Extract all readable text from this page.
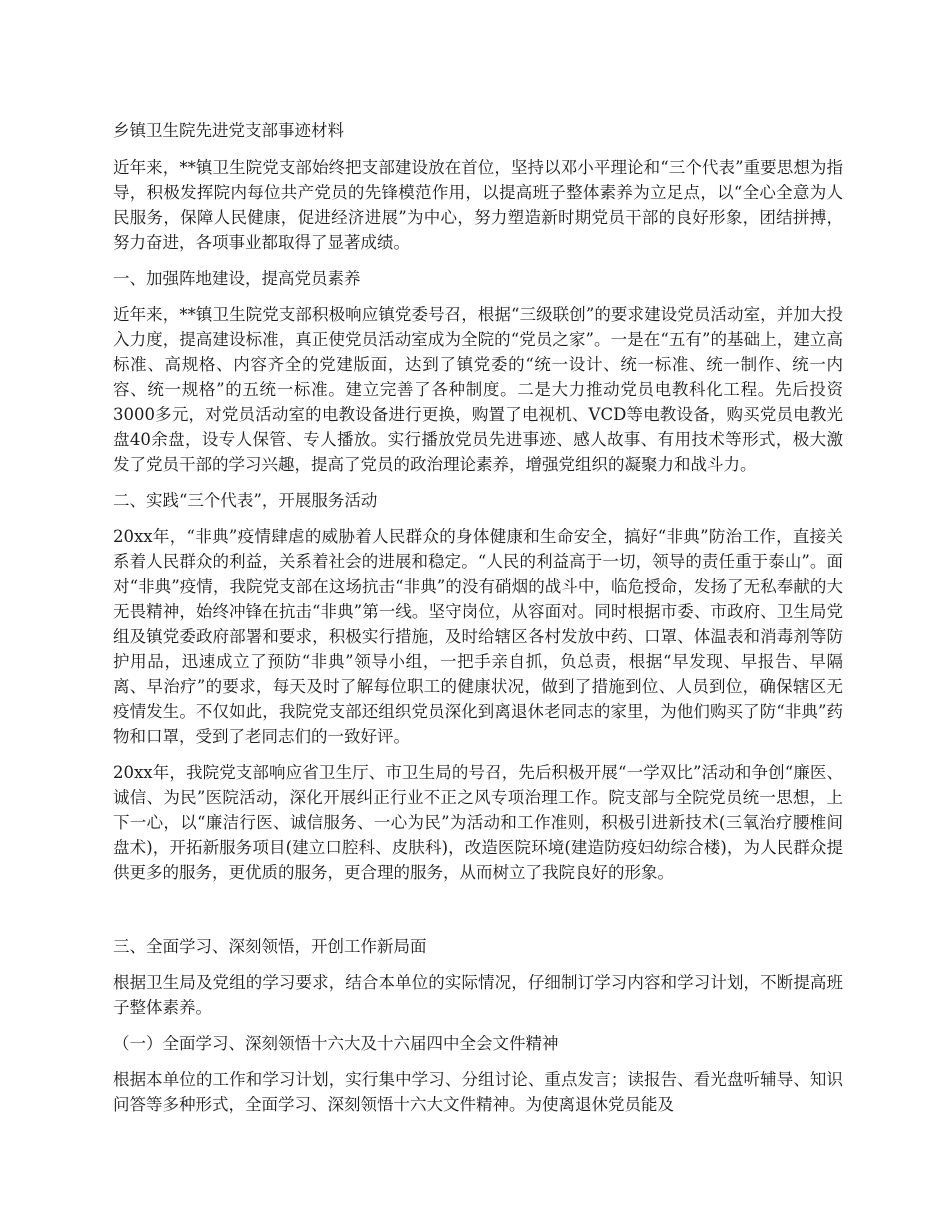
乡镇卫生院先进党支部事迹材料

近年来，**镇卫生院党支部始终把支部建设放在首位，坚持以邓小平理论和“三个代表”重要思想为指导，积极发挥院内每位共产党员的先锋模范作用，以提高班子整体素养为立足点，以“全心全意为人民服务，保障人民健康，促进经济进展”为中心，努力塑造新时期党员干部的良好形象，团结拼搏，努力奋进，各项事业都取得了显著成绩。

一、加强阵地建设，提高党员素养

近年来，**镇卫生院党支部积极响应镇党委号召，根据“三级联创”的要求建设党员活动室，并加大投入力度，提高建设标准，真正使党员活动室成为全院的“党员之家”。一是在“五有”的基础上，建立高标准、高规格、内容齐全的党建版面，达到了镇党委的“统一设计、统一标准、统一制作、统一内容、统一规格”的五统一标准。建立完善了各种制度。二是大力推动党员电教科化工程。先后投资3000多元，对党员活动室的电教设备进行更换，购置了电视机、VCD等电教设备，购买党员电教光盘40余盘，设专人保管、专人播放。实行播放党员先进事迹、感人故事、有用技术等形式，极大激发了党员干部的学习兴趣，提高了党员的政治理论素养，增强党组织的凝聚力和战斗力。

二、实践“三个代表”，开展服务活动

20xx年，“非典”疫情肆虐的威胁着人民群众的身体健康和生命安全，搞好“非典”防治工作，直接关系着人民群众的利益，关系着社会的进展和稳定。“人民的利益高于一切，领导的责任重于泰山”。面对“非典”疫情，我院党支部在这场抗击“非典”的没有硝烟的战斗中，临危授命，发扬了无私奉献的大无畏精神，始终冲锋在抗击“非典”第一线。坚守岗位，从容面对。同时根据市委、市政府、卫生局党组及镇党委政府部署和要求，积极实行措施，及时给辖区各村发放中药、口罩、体温表和消毒剂等防护用品，迅速成立了预防“非典”领导小组，一把手亲自抓，负总责，根据“早发现、早报告、早隔离、早治疗”的要求，每天及时了解每位职工的健康状况，做到了措施到位、人员到位，确保辖区无疫情发生。不仅如此，我院党支部还组织党员深化到离退休老同志的家里，为他们购买了防“非典”药物和口罩，受到了老同志们的一致好评。

20xx年，我院党支部响应省卫生厅、市卫生局的号召，先后积极开展“一学双比”活动和争创“廉医、诚信、为民”医院活动，深化开展纠正行业不正之风专项治理工作。院支部与全院党员统一思想，上下一心，以“廉洁行医、诚信服务、一心为民”为活动和工作准则，积极引进新技术(三氧治疗腰椎间盘术)，开拓新服务项目(建立口腔科、皮肤科)，改造医院环境(建造防疫妇幼综合楼)，为人民群众提供更多的服务，更优质的服务，更合理的服务，从而树立了我院良好的形象。

三、全面学习、深刻领悟，开创工作新局面

根据卫生局及党组的学习要求，结合本单位的实际情况，仔细制订学习内容和学习计划，不断提高班子整体素养。

（一）全面学习、深刻领悟十六大及十六届四中全会文件精神

根据本单位的工作和学习计划，实行集中学习、分组讨论、重点发言；读报告、看光盘听辅导、知识问答等多种形式，全面学习、深刻领悟十六大文件精神。为使离退休党员能及
